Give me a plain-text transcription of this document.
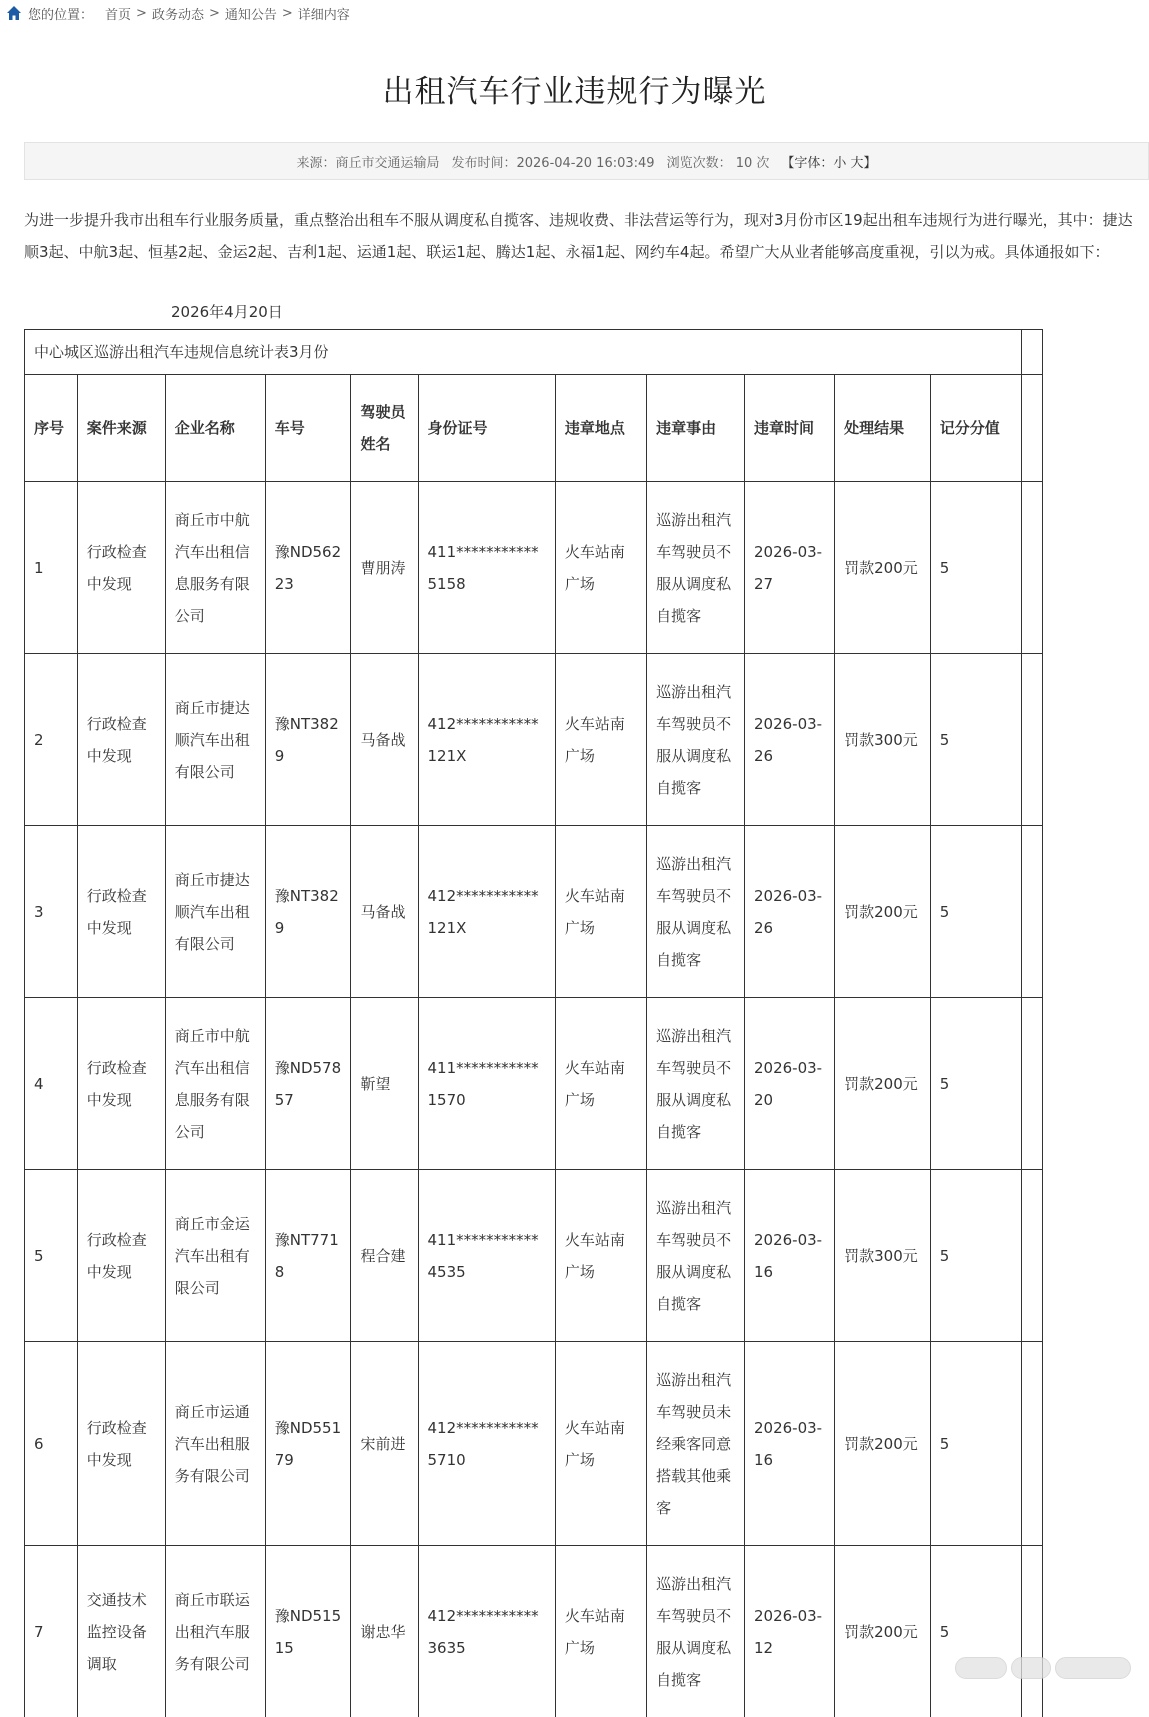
您的位置： 首页 > 政务动态 > 通知公告 > 详细内容
出租汽车行业违规行为曝光
来源：商丘市交通运输局 发布时间：2026-04-20 16:03:49 浏览次数： 10 次 【字体：小 大】

为进一步提升我市出租车行业服务质量，重点整治出租车不服从调度私自揽客、违规收费、非法营运等行为，现对3月份市区19起出租车违规行为进行曝光，其中：捷达顺3起、中航3起、恒基2起、金运2起、吉利1起、运通1起、联运1起、腾达1起、永福1起、网约车4起。希望广大从业者能够高度重视，引以为戒。具体通报如下：

2026年4月20日
中心城区巡游出租汽车违规信息统计表3月份											
序号	案件来源	企业名称	车号	驾驶员姓名	身份证号	违章地点	违章事由	违章时间	处理结果	记分分值	
1	行政检查中发现	商丘市中航汽车出租信息服务有限公司	豫ND56223	曹朋涛	411***********5158	火车站南广场	巡游出租汽车驾驶员不服从调度私自揽客	2026-03-27	罚款200元	5	
2	行政检查中发现	商丘市捷达顺汽车出租有限公司	豫NT3829	马备战	412***********121X	火车站南广场	巡游出租汽车驾驶员不服从调度私自揽客	2026-03-26	罚款300元	5	
3	行政检查中发现	商丘市捷达顺汽车出租有限公司	豫NT3829	马备战	412***********121X	火车站南广场	巡游出租汽车驾驶员不服从调度私自揽客	2026-03-26	罚款200元	5	
4	行政检查中发现	商丘市中航汽车出租信息服务有限公司	豫ND57857	靳望	411***********1570	火车站南广场	巡游出租汽车驾驶员不服从调度私自揽客	2026-03-20	罚款200元	5	
5	行政检查中发现	商丘市金运汽车出租有限公司	豫NT7718	程合建	411***********4535	火车站南广场	巡游出租汽车驾驶员不服从调度私自揽客	2026-03-16	罚款300元	5	
6	行政检查中发现	商丘市运通汽车出租服务有限公司	豫ND55179	宋前进	412***********5710	火车站南广场	巡游出租汽车驾驶员未经乘客同意搭载其他乘客	2026-03-16	罚款200元	5	
7	交通技术监控设备调取	商丘市联运出租汽车服务有限公司	豫ND51515	谢忠华	412***********3635	火车站南广场	巡游出租汽车驾驶员不服从调度私自揽客	2026-03-12	罚款200元	5	
